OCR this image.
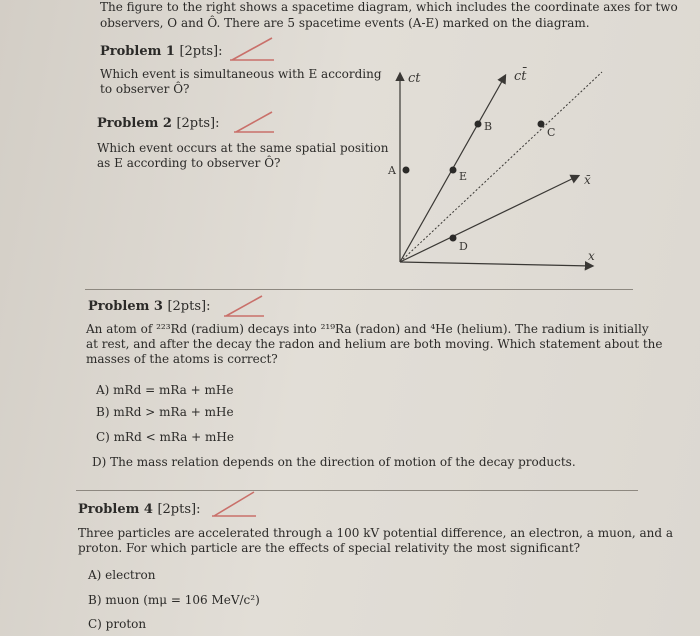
The figure to the right shows a spacetime diagram, which includes the coordinate axes for two
observers, O and Ô. There are 5 spacetime events (A-E) marked on the diagram.
Problem 1 [2pts]:
Which event is simultaneous with E according
to observer Ô?
Problem 2 [2pts]:
Which event occurs at the same spatial position
as E according to observer Ô?
ct	ct̄
x̄
x
A
B	C
D
E
Problem 3 [2pts]:
An atom of ²²³Rd (radium) decays into ²¹⁹Ra (radon) and ⁴He (helium). The radium is initially
at rest, and after the decay the radon and helium are both moving. Which statement about the
masses of the atoms is correct?
A) mRd = mRa + mHe
B) mRd > mRa + mHe
C) mRd < mRa + mHe
D) The mass relation depends on the direction of motion of the decay products.
Problem 4 [2pts]:
Three particles are accelerated through a 100 kV potential difference, an electron, a muon, and a
proton. For which particle are the effects of special relativity the most significant?
A) electron
B) muon (mμ = 106 MeV/c²)
C) proton
